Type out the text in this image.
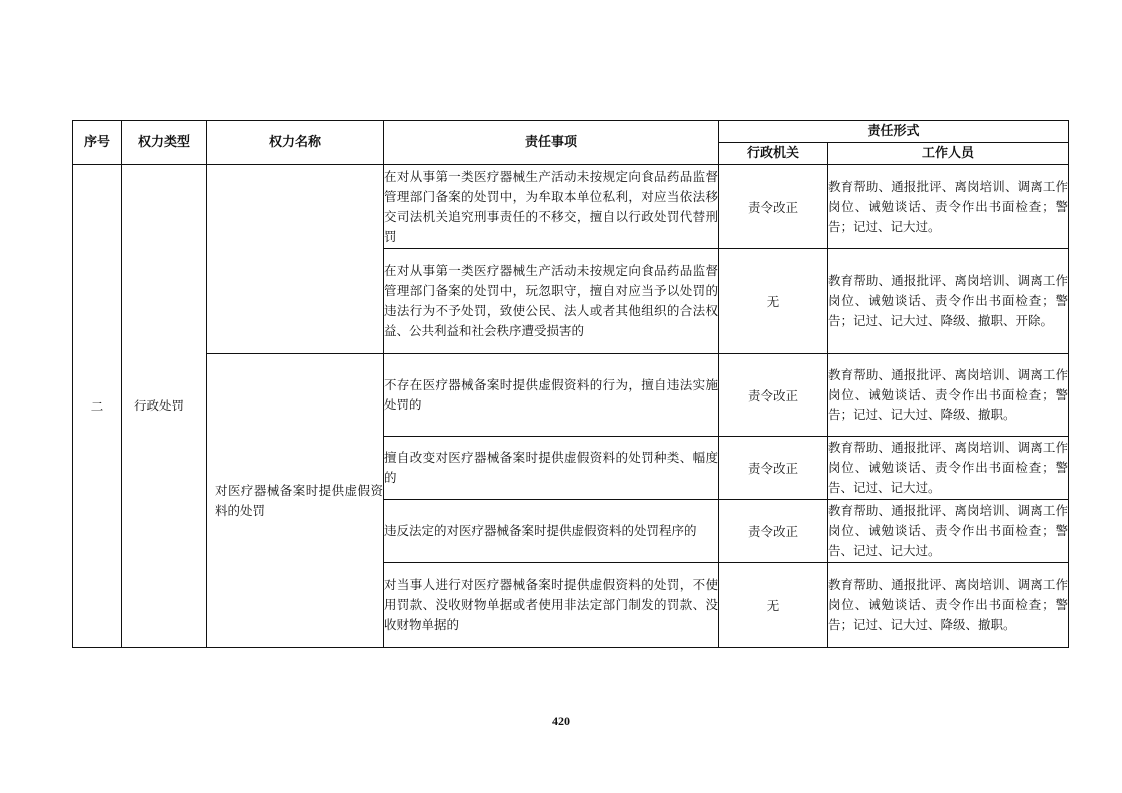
序号	权力类型	权力名称	责任事项	责任形式	
				行政机关	工作人员
二	行政处罚		在对从事第一类医疗器械生产活动未按规定向食品药品监督管理部门备案的处罚中，为牟取本单位私利，对应当依法移交司法机关追究刑事责任的不移交，擅自以行政处罚代替刑罚	责令改正	教育帮助、通报批评、离岗培训、调离工作岗位、诫勉谈话、责令作出书面检查；警告；记过、记大过。
			在对从事第一类医疗器械生产活动未按规定向食品药品监督管理部门备案的处罚中，玩忽职守，擅自对应当予以处罚的违法行为不予处罚，致使公民、法人或者其他组织的合法权益、公共利益和社会秩序遭受损害的	无	教育帮助、通报批评、离岗培训、调离工作岗位、诫勉谈话、责令作出书面检查；警告；记过、记大过、降级、撤职、开除。
		对医疗器械备案时提供虚假资料的处罚	不存在医疗器械备案时提供虚假资料的行为，擅自违法实施处罚的	责令改正	教育帮助、通报批评、离岗培训、调离工作岗位、诫勉谈话、责令作出书面检查；警告；记过、记大过、降级、撤职。
			擅自改变对医疗器械备案时提供虚假资料的处罚种类、幅度的	责令改正	教育帮助、通报批评、离岗培训、调离工作岗位、诫勉谈话、责令作出书面检查；警告、记过、记大过。
			违反法定的对医疗器械备案时提供虚假资料的处罚程序的	责令改正	教育帮助、通报批评、离岗培训、调离工作岗位、诫勉谈话、责令作出书面检查；警告、记过、记大过。
			对当事人进行对医疗器械备案时提供虚假资料的处罚，不使用罚款、没收财物单据或者使用非法定部门制发的罚款、没收财物单据的	无	教育帮助、通报批评、离岗培训、调离工作岗位、诫勉谈话、责令作出书面检查；警告；记过、记大过、降级、撤职。
420
